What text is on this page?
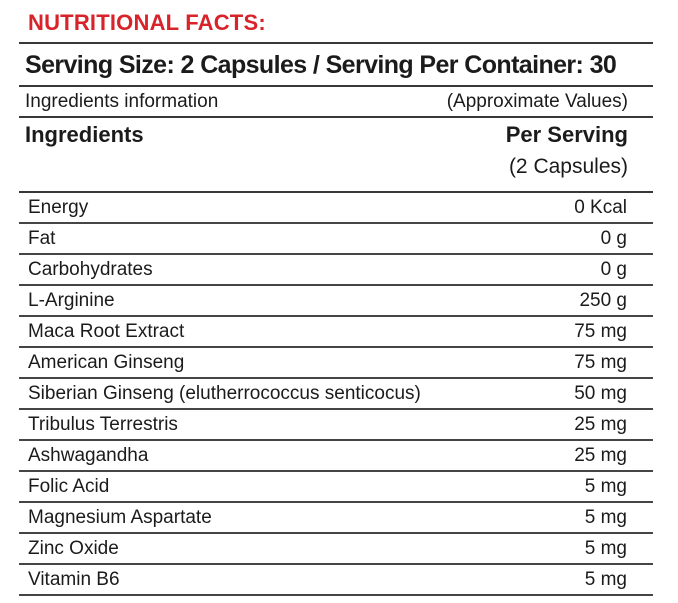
NUTRITIONAL FACTS:
Serving Size: 2 Capsules / Serving Per Container: 30
Ingredients information	(Approximate Values)
Ingredients	Per Serving
(2 Capsules)
Energy	0 Kcal
Fat	0 g
Carbohydrates	0 g
L-Arginine	250 g
Maca Root Extract	75 mg
American Ginseng	75 mg
Siberian Ginseng (elutherrococcus senticocus)	50 mg
Tribulus Terrestris	25 mg
Ashwagandha	25 mg
Folic Acid	5 mg
Magnesium Aspartate	5 mg
Zinc Oxide	5 mg
Vitamin B6	5 mg
